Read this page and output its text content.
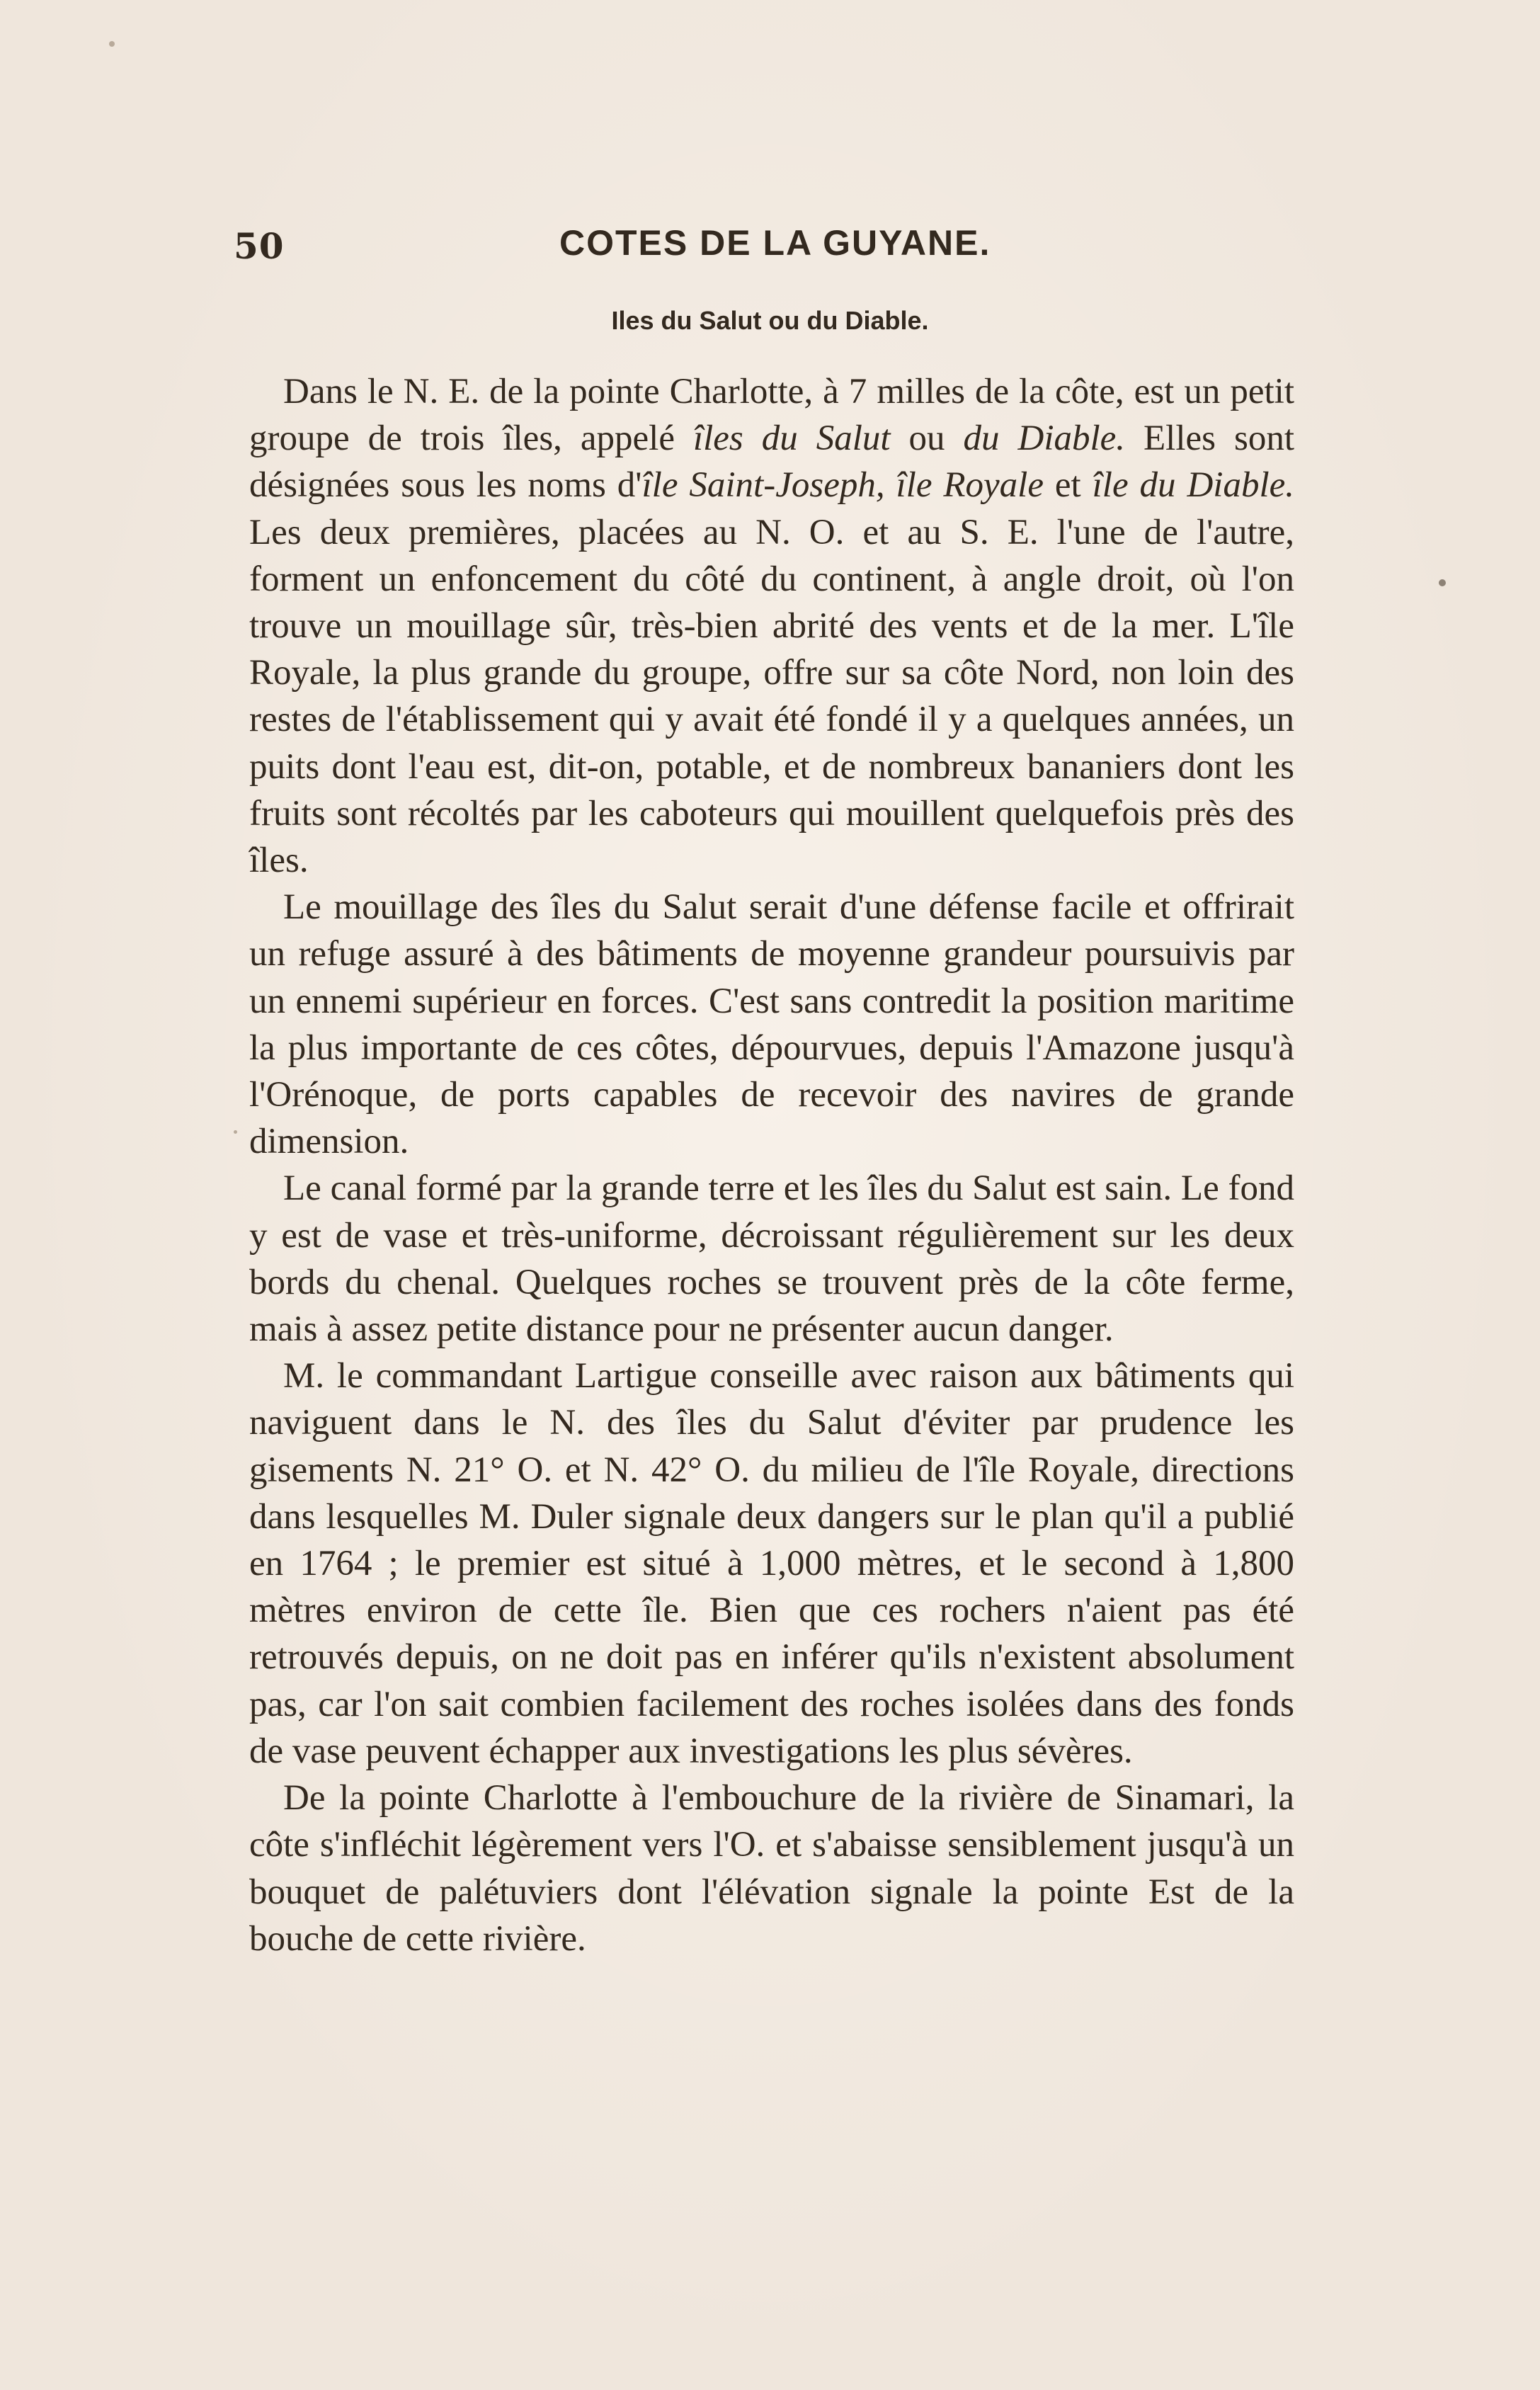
50	COTES DE LA GUYANE.
Iles du Salut ou du Diable.

Dans le N. E. de la pointe Charlotte, à 7 milles de la côte, est un petit groupe de trois îles, appelé îles du Salut ou du Diable. Elles sont désignées sous les noms d'île Saint-Joseph, île Royale et île du Diable. Les deux premières, placées au N. O. et au S. E. l'une de l'autre, forment un enfoncement du côté du continent, à angle droit, où l'on trouve un mouillage sûr, très-bien abrité des vents et de la mer. L'île Royale, la plus grande du groupe, offre sur sa côte Nord, non loin des restes de l'établissement qui y avait été fondé il y a quelques années, un puits dont l'eau est, dit-on, potable, et de nombreux bananiers dont les fruits sont récoltés par les caboteurs qui mouillent quelquefois près des îles.

Le mouillage des îles du Salut serait d'une défense facile et offrirait un refuge assuré à des bâtiments de moyenne grandeur poursuivis par un ennemi supérieur en forces. C'est sans contredit la position maritime la plus importante de ces côtes, dépourvues, depuis l'Amazone jusqu'à l'Orénoque, de ports capables de recevoir des navires de grande dimension.

Le canal formé par la grande terre et les îles du Salut est sain. Le fond y est de vase et très-uniforme, décroissant régulièrement sur les deux bords du chenal. Quelques roches se trouvent près de la côte ferme, mais à assez petite distance pour ne présenter aucun danger.

M. le commandant Lartigue conseille avec raison aux bâtiments qui naviguent dans le N. des îles du Salut d'éviter par prudence les gisements N. 21° O. et N. 42° O. du milieu de l'île Royale, directions dans lesquelles M. Duler signale deux dangers sur le plan qu'il a publié en 1764 ; le premier est situé à 1,000 mètres, et le second à 1,800 mètres environ de cette île. Bien que ces rochers n'aient pas été retrouvés depuis, on ne doit pas en inférer qu'ils n'existent absolument pas, car l'on sait combien facilement des roches isolées dans des fonds de vase peuvent échapper aux investigations les plus sévères.

De la pointe Charlotte à l'embouchure de la rivière de Sinamari, la côte s'infléchit légèrement vers l'O. et s'abaisse sensiblement jusqu'à un bouquet de palétuviers dont l'élévation signale la pointe Est de la bouche de cette rivière.
